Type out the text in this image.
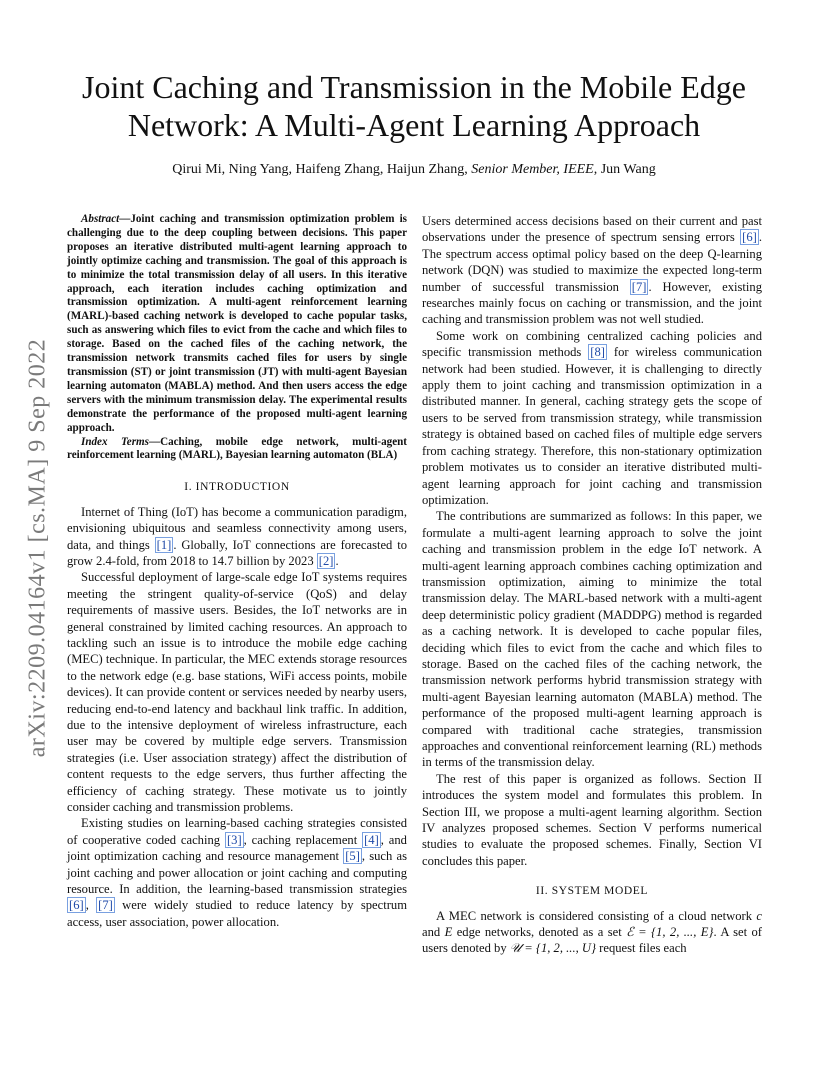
arXiv:2209.04164v1 [cs.MA] 9 Sep 2022
Joint Caching and Transmission in the Mobile Edge Network: A Multi-Agent Learning Approach
Qirui Mi, Ning Yang, Haifeng Zhang, Haijun Zhang, Senior Member, IEEE, Jun Wang

Abstract—Joint caching and transmission optimization problem is challenging due to the deep coupling between decisions. This paper proposes an iterative distributed multi-agent learning approach to jointly optimize caching and transmission. The goal of this approach is to minimize the total transmission delay of all users. In this iterative approach, each iteration includes caching optimization and transmission optimization. A multi-agent reinforcement learning (MARL)-based caching network is developed to cache popular tasks, such as answering which files to evict from the cache and which files to storage. Based on the cached files of the caching network, the transmission network transmits cached files for users by single transmission (ST) or joint transmission (JT) with multi-agent Bayesian learning automaton (MABLA) method. And then users access the edge servers with the minimum transmission delay. The experimental results demonstrate the performance of the proposed multi-agent learning approach.

Index Terms—Caching, mobile edge network, multi-agent reinforcement learning (MARL), Bayesian learning automaton (BLA)

I. INTRODUCTION

Internet of Thing (IoT) has become a communication paradigm, envisioning ubiquitous and seamless connectivity among users, data, and things [1] . Globally, IoT connections are forecasted to grow 2.4-fold, from 2018 to 14.7 billion by 2023 [2] .

Successful deployment of large-scale edge IoT systems requires meeting the stringent quality-of-service (QoS) and delay requirements of massive users. Besides, the IoT networks are in general constrained by limited caching resources. An approach to tackling such an issue is to introduce the mobile edge caching (MEC) technique. In particular, the MEC extends storage resources to the network edge (e.g. base stations, WiFi access points, mobile devices). It can provide content or services needed by nearby users, reducing end-to-end latency and backhaul link traffic. In addition, due to the intensive deployment of wireless infrastructure, each user may be covered by multiple edge servers. Transmission strategies (i.e. User association strategy) affect the distribution of content requests to the edge servers, thus further affecting the efficiency of caching strategy. These motivate us to jointly consider caching and transmission problems.

Existing studies on learning-based caching strategies consisted of cooperative coded caching [3] , caching replacement [4] , and joint optimization caching and resource management [5] , such as joint caching and power allocation or joint caching and computing resource. In addition, the learning-based transmission strategies [6] , [7] were widely studied to reduce latency by spectrum access, user association, power allocation.

Users determined access decisions based on their current and past observations under the presence of spectrum sensing errors [6] . The spectrum access optimal policy based on the deep Q-learning network (DQN) was studied to maximize the expected long-term number of successful transmission [7] . However, existing researches mainly focus on caching or transmission, and the joint caching and transmission problem was not well studied.

Some work on combining centralized caching policies and specific transmission methods [8] for wireless communication network had been studied. However, it is challenging to directly apply them to joint caching and transmission optimization in a distributed manner. In general, caching strategy gets the scope of users to be served from transmission strategy, while transmission strategy is obtained based on cached files of multiple edge servers from caching strategy. Therefore, this non-stationary optimization problem motivates us to consider an iterative distributed multi-agent learning approach for joint caching and transmission optimization.

The contributions are summarized as follows: In this paper, we formulate a multi-agent learning approach to solve the joint caching and transmission problem in the edge IoT network. A multi-agent learning approach combines caching optimization and transmission optimization, aiming to minimize the total transmission delay. The MARL-based network with a multi-agent deep deterministic policy gradient (MADDPG) method is regarded as a caching network. It is developed to cache popular files, deciding which files to evict from the cache and which files to storage. Based on the cached files of the caching network, the transmission network performs hybrid transmission strategy with multi-agent Bayesian learning automaton (MABLA) method. The performance of the proposed multi-agent learning approach is compared with traditional cache strategies, transmission approaches and conventional reinforcement learning (RL) methods in terms of the transmission delay.

The rest of this paper is organized as follows. Section II introduces the system model and formulates this problem. In Section III, we propose a multi-agent learning algorithm. Section IV analyzes proposed schemes. Section V performs numerical studies to evaluate the proposed schemes. Finally, Section VI concludes this paper.

II. SYSTEM MODEL

A MEC network is considered consisting of a cloud network c and E edge networks, denoted as a set ℰ = {1, 2, ..., E}. A set of users denoted by 𝒰 = {1, 2, ..., U} request files each
